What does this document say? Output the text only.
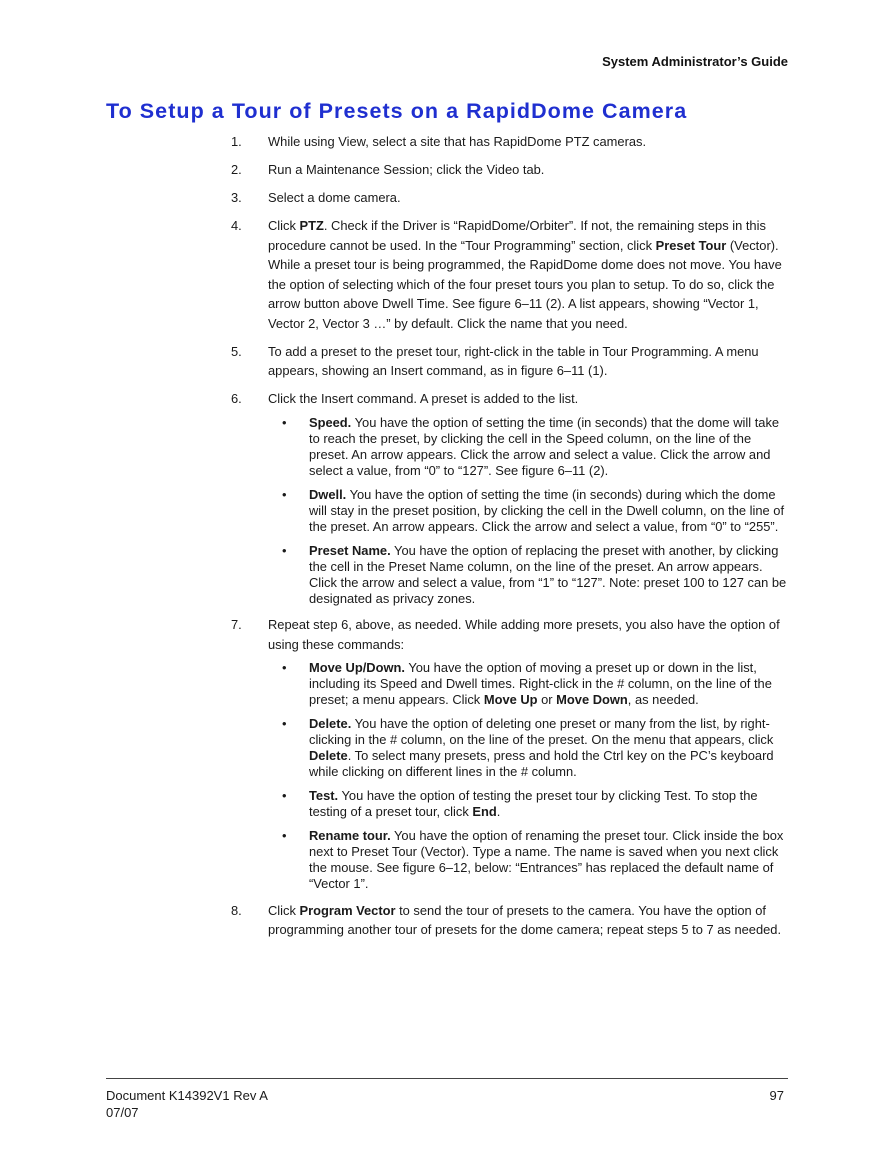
System Administrator’s Guide
To Setup a Tour of Presets on a RapidDome Camera
1. While using View, select a site that has RapidDome PTZ cameras.
2. Run a Maintenance Session; click the Video tab.
3. Select a dome camera.
4. Click PTZ. Check if the Driver is “RapidDome/Orbiter”. If not, the remaining steps in this procedure cannot be used. In the “Tour Programming” section, click Preset Tour (Vector). While a preset tour is being programmed, the RapidDome dome does not move. You have the option of selecting which of the four preset tours you plan to setup. To do so, click the arrow button above Dwell Time. See figure 6–11 (2). A list appears, showing “Vector 1, Vector 2, Vector 3 …” by default. Click the name that you need.
5. To add a preset to the preset tour, right-click in the table in Tour Programming. A menu appears, showing an Insert command, as in figure 6–11 (1).
6. Click the Insert command. A preset is added to the list.
• Speed. You have the option of setting the time (in seconds) that the dome will take to reach the preset, by clicking the cell in the Speed column, on the line of the preset. An arrow appears. Click the arrow and select a value. Click the arrow and select a value, from “0” to “127”. See figure 6–11 (2).
• Dwell. You have the option of setting the time (in seconds) during which the dome will stay in the preset position, by clicking the cell in the Dwell column, on the line of the preset. An arrow appears. Click the arrow and select a value, from “0” to “255”.
• Preset Name. You have the option of replacing the preset with another, by clicking the cell in the Preset Name column, on the line of the preset. An arrow appears. Click the arrow and select a value, from “1” to “127”. Note: preset 100 to 127 can be designated as privacy zones.
7. Repeat step 6, above, as needed. While adding more presets, you also have the option of using these commands:
• Move Up/Down. You have the option of moving a preset up or down in the list, including its Speed and Dwell times. Right-click in the # column, on the line of the preset; a menu appears. Click Move Up or Move Down, as needed.
• Delete. You have the option of deleting one preset or many from the list, by right-clicking in the # column, on the line of the preset. On the menu that appears, click Delete. To select many presets, press and hold the Ctrl key on the PC’s keyboard while clicking on different lines in the # column.
• Test. You have the option of testing the preset tour by clicking Test. To stop the testing of a preset tour, click End.
• Rename tour. You have the option of renaming the preset tour. Click inside the box next to Preset Tour (Vector). Type a name. The name is saved when you next click the mouse. See figure 6–12, below: “Entrances” has replaced the default name of “Vector 1”.
8. Click Program Vector to send the tour of presets to the camera. You have the option of programming another tour of presets for the dome camera; repeat steps 5 to 7 as needed.
Document K14392V1 Rev A
07/07
97
